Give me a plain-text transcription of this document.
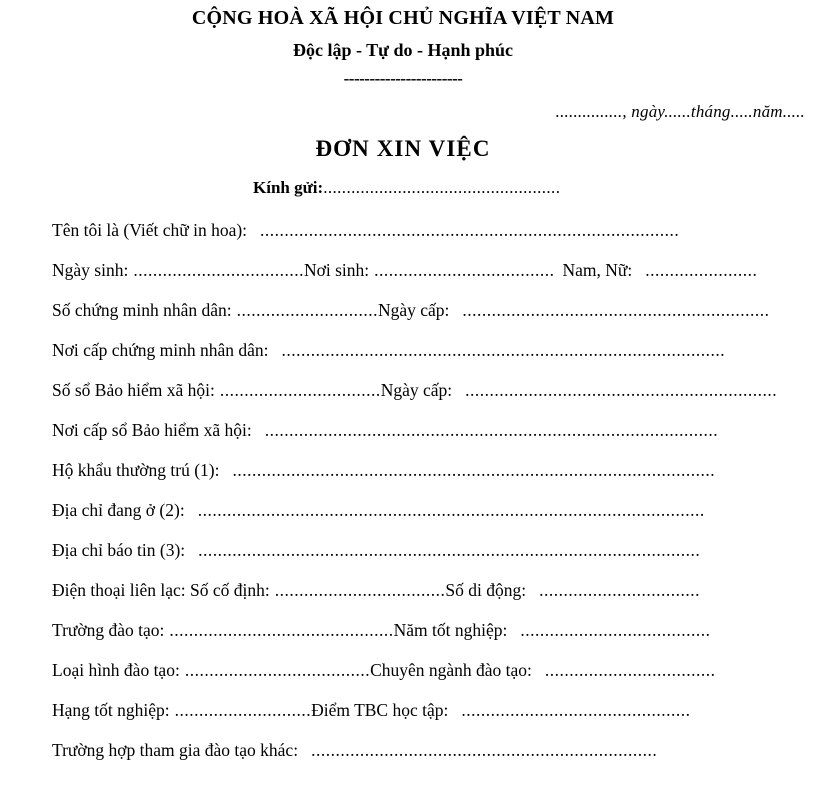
CỘNG HOÀ XÃ HỘI CHỦ NGHĨA VIỆT NAM
Độc lập - Tự do - Hạnh phúc
-----------------------
..............., ngày......tháng.....năm.....
ĐƠN XIN VIỆC
Kính gửi:...................................................
Tên tôi là (Viết chữ in hoa): ......................................................................................
Ngày sinh: ................................... Nơi sinh: ..................................... Nam, Nữ: .......................
Số chứng minh nhân dân: ............................. Ngày cấp: ...............................................................
Nơi cấp chứng minh nhân dân: ...........................................................................................
Số sổ Bảo hiểm xã hội: ................................. Ngày cấp: ................................................................
Nơi cấp sổ Bảo hiểm xã hội: .............................................................................................
Hộ khẩu thường trú (1): ...................................................................................................
Địa chỉ đang ở (2): ........................................................................................................
Địa chỉ báo tin (3): .......................................................................................................
Điện thoại liên lạc: Số cố định: ................................... Số di động: .................................
Trường đào tạo: .............................................. Năm tốt nghiệp: .......................................
Loại hình đào tạo: ...................................... Chuyên ngành đào tạo: ...................................
Hạng tốt nghiệp: ............................ Điểm TBC học tập: ...............................................
Trường hợp tham gia đào tạo khác: .......................................................................
